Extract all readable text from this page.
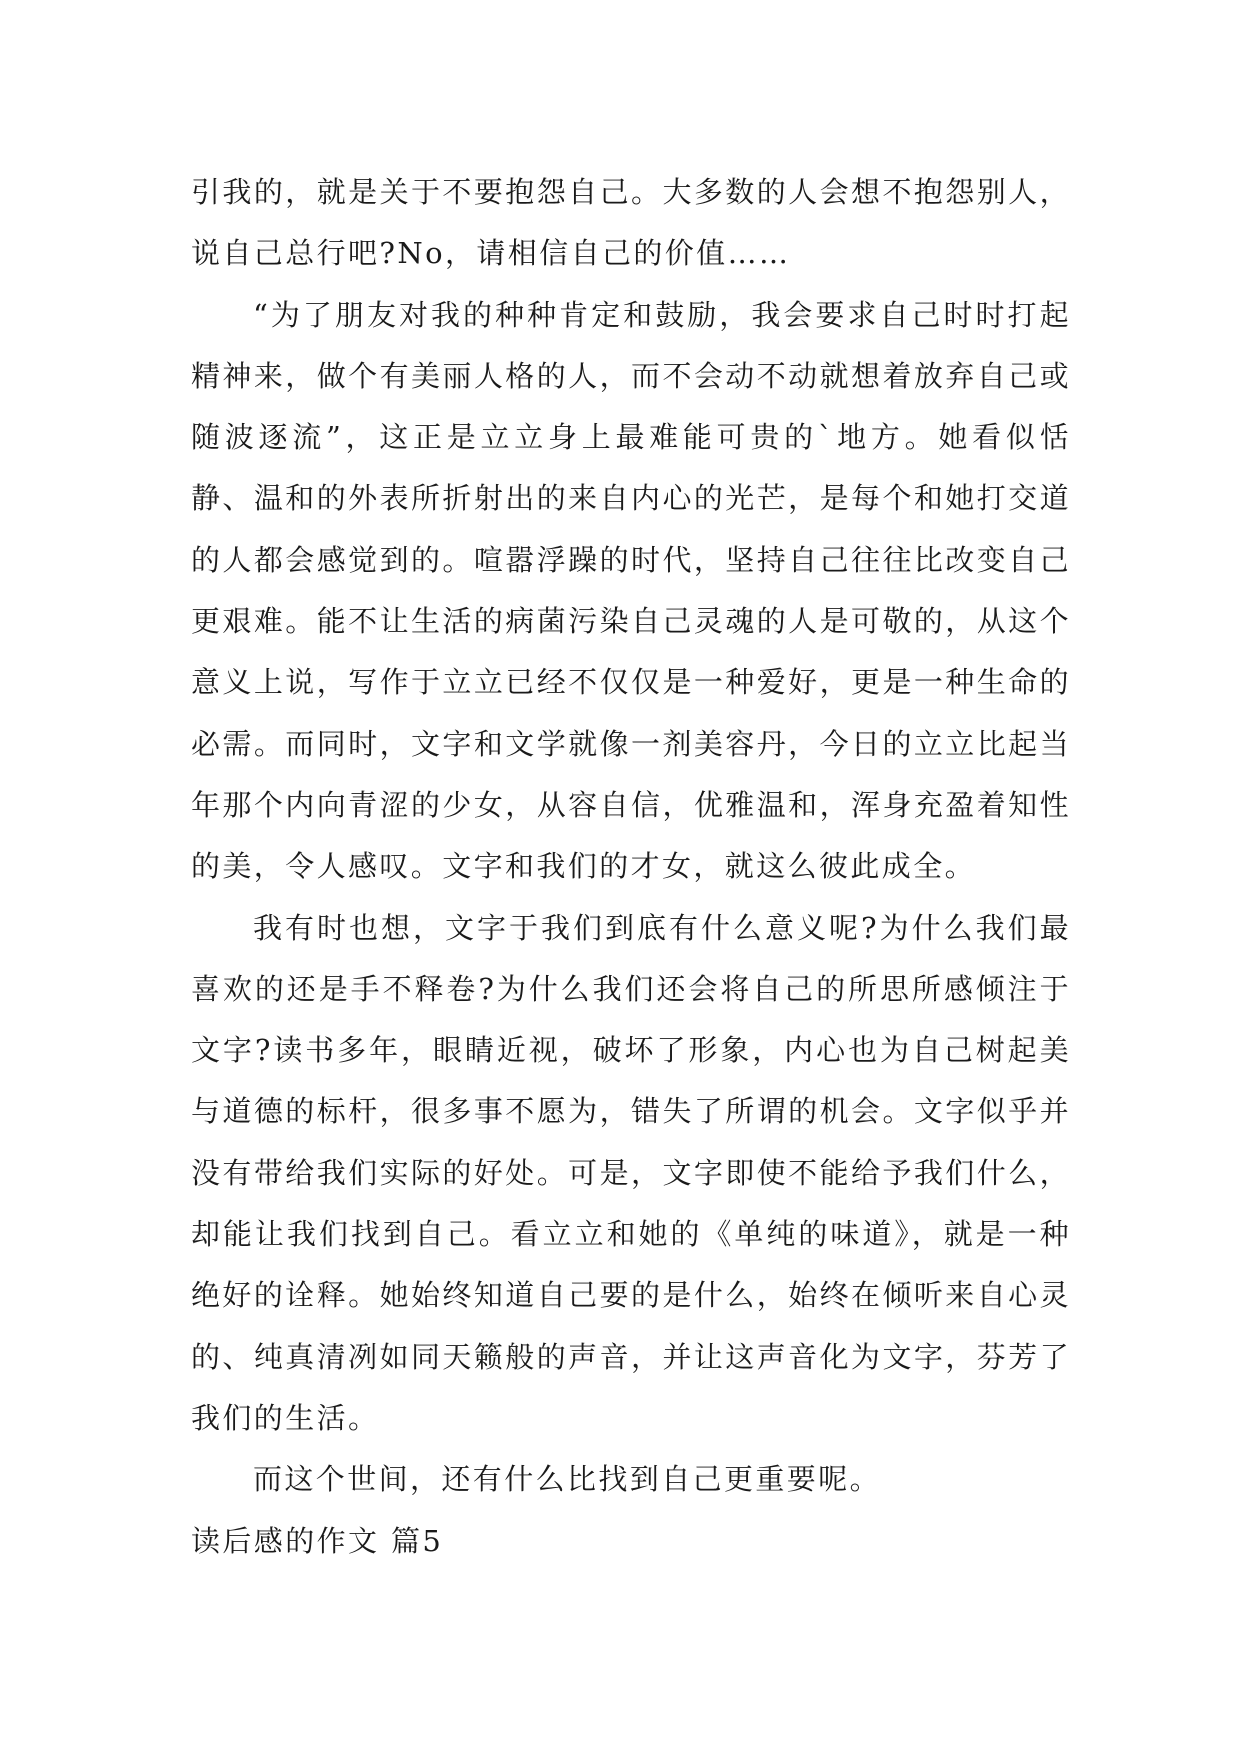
引我的，就是关于不要抱怨自己。大多数的人会想不抱怨别人，说自己总行吧?No，请相信自己的价值……

“为了朋友对我的种种肯定和鼓励，我会要求自己时时打起精神来，做个有美丽人格的人，而不会动不动就想着放弃自己或随波逐流”，这正是立立身上最难能可贵的`地方。她看似恬静、温和的外表所折射出的来自内心的光芒，是每个和她打交道的人都会感觉到的。喧嚣浮躁的时代，坚持自己往往比改变自己更艰难。能不让生活的病菌污染自己灵魂的人是可敬的，从这个意义上说，写作于立立已经不仅仅是一种爱好，更是一种生命的必需。而同时，文字和文学就像一剂美容丹，今日的立立比起当年那个内向青涩的少女，从容自信，优雅温和，浑身充盈着知性的美，令人感叹。文字和我们的才女，就这么彼此成全。

我有时也想，文字于我们到底有什么意义呢?为什么我们最喜欢的还是手不释卷?为什么我们还会将自己的所思所感倾注于文字?读书多年，眼睛近视，破坏了形象，内心也为自己树起美与道德的标杆，很多事不愿为，错失了所谓的机会。文字似乎并没有带给我们实际的好处。可是，文字即使不能给予我们什么，却能让我们找到自己。看立立和她的《单纯的味道》，就是一种绝好的诠释。她始终知道自己要的是什么，始终在倾听来自心灵的、纯真清冽如同天籁般的声音，并让这声音化为文字，芬芳了我们的生活。

而这个世间，还有什么比找到自己更重要呢。

读后感的作文 篇5
